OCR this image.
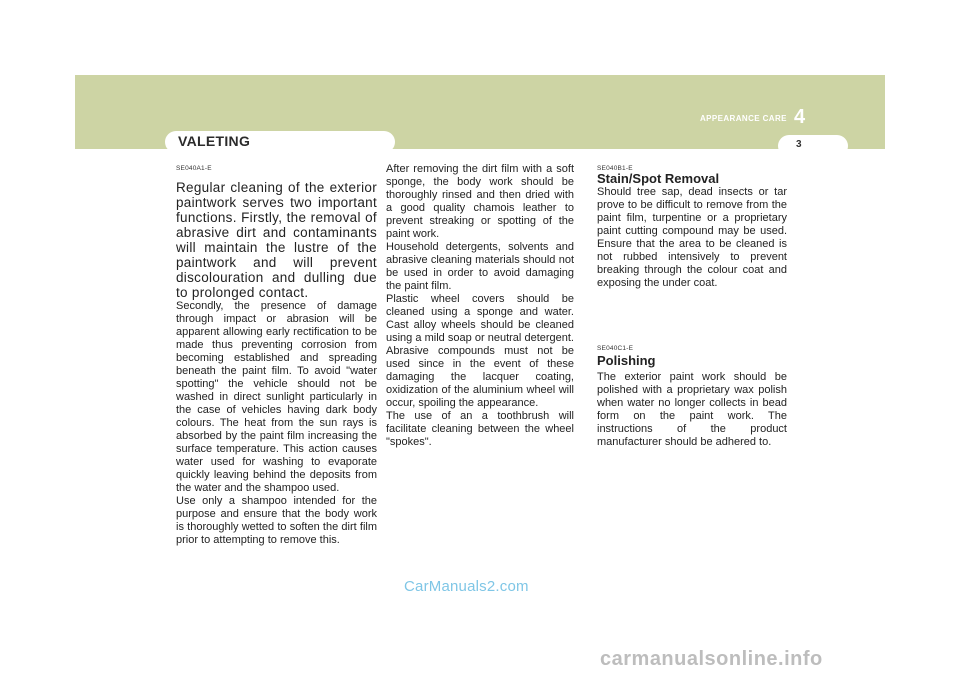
VALETING
APPEARANCE CARE 4
3
SE040A1-E

Regular cleaning of the exterior paintwork serves two important functions. Firstly, the removal of abrasive dirt and contaminants will maintain the lustre of the paintwork and will prevent discolouration and dulling due to prolonged contact.

Secondly, the presence of damage through impact or abrasion will be apparent allowing early rectification to be made thus preventing corrosion from becoming established and spreading beneath the paint film. To avoid "water spotting" the vehicle should not be washed in direct sunlight particularly in the case of vehicles having dark body colours. The heat from the sun rays is absorbed by the paint film increasing the surface temperature. This action causes water used for washing to evaporate quickly leaving behind the deposits from the water and the shampoo used.

Use only a shampoo intended for the purpose and ensure that the body work is thoroughly wetted to soften the dirt film prior to attempting to remove this.

After removing the dirt film with a soft sponge, the body work should be thoroughly rinsed and then dried with a good quality chamois leather to prevent streaking or spotting of the paint work.

Household detergents, solvents and abrasive cleaning materials should not be used in order to avoid damaging the paint film.

Plastic wheel covers should be cleaned using a sponge and water. Cast alloy wheels should be cleaned using a mild soap or neutral detergent. Abrasive compounds must not be used since in the event of these damaging the lacquer coating, oxidization of the aluminium wheel will occur, spoiling the appearance.

The use of an a toothbrush will facilitate cleaning between the wheel "spokes".

SE040B1-E
Stain/Spot Removal
Should tree sap, dead insects or tar prove to be difficult to remove from the paint film, turpentine or a proprietary paint cutting compound may be used. Ensure that the area to be cleaned is not rubbed intensively to prevent breaking through the colour coat and exposing the under coat.
SE040C1-E
Polishing
The exterior paint work should be polished with a proprietary wax polish when water no longer collects in bead form on the paint work. The instructions of the product manufacturer should be adhered to.
CarManuals2.com
carmanualsonline.info
